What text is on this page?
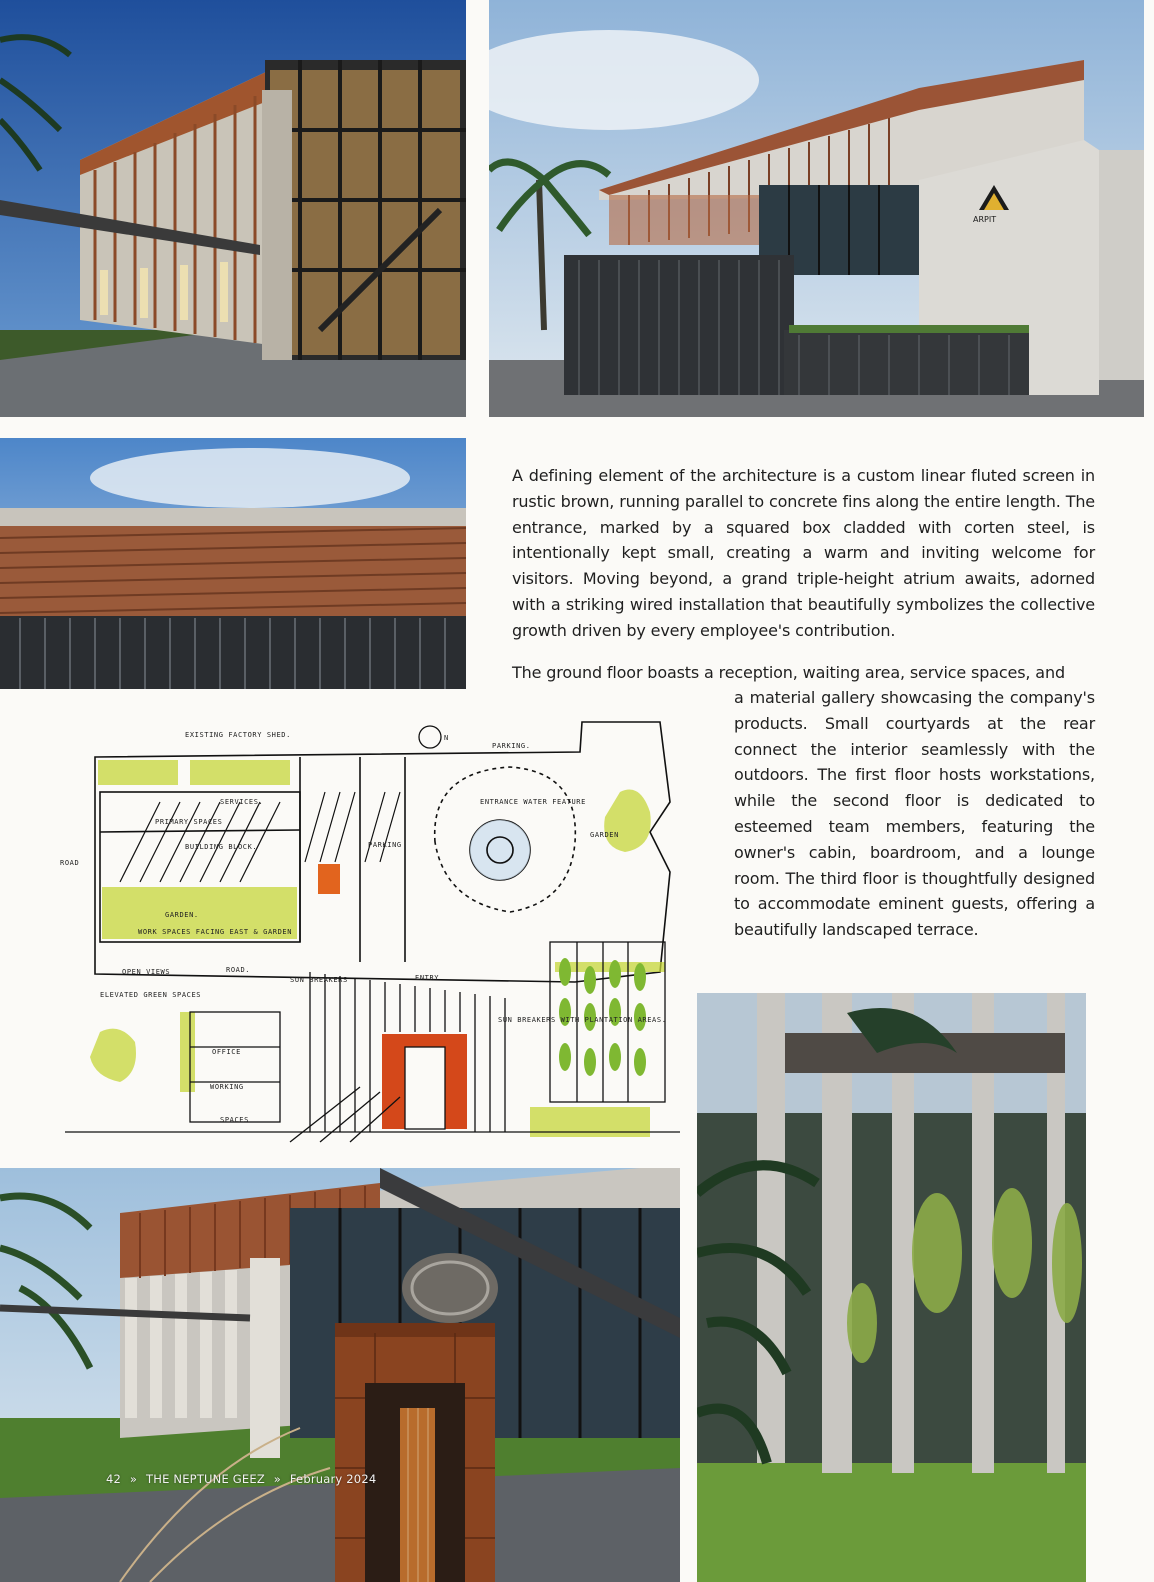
ARPIT

A defining element of the architecture is a custom linear fluted screen in rustic brown, running parallel to concrete fins along the entire length. The entrance, marked by a squared box cladded with corten steel, is intentionally kept small, creating a warm and inviting welcome for visitors. Moving beyond, a grand triple-height atrium awaits, adorned with a striking wired installation that beautifully symbolizes the collective growth driven by every employee's contribution.

The ground floor boasts a reception, waiting area, service spaces, and

a material gallery showcasing the company's products. Small courtyards at the rear connect the interior seamlessly with the outdoors. The first floor hosts workstations, while the second floor is dedicated to esteemed team members, featuring the owner's cabin, boardroom, and a lounge room. The third floor is thoughtfully designed to accommodate eminent guests, offering a beautifully landscaped terrace.

EXISTING FACTORY SHED.	N
PARKING.
SERVICES.
PRIMARY SPACES
BUILDING BLOCK.	PARKING
ENTRANCE WATER FEATURE
GARDEN
ROAD
GARDEN.
WORK SPACES FACING EAST & GARDEN
OPEN VIEWS	ROAD.
SUN BREAKERS	ENTRY
ELEVATED GREEN SPACES
OFFICE
WORKING
SPACES
SUN BREAKERS WITH PLANTATION AREAS.
42 » THE NEPTUNE GEEZ » February 2024
